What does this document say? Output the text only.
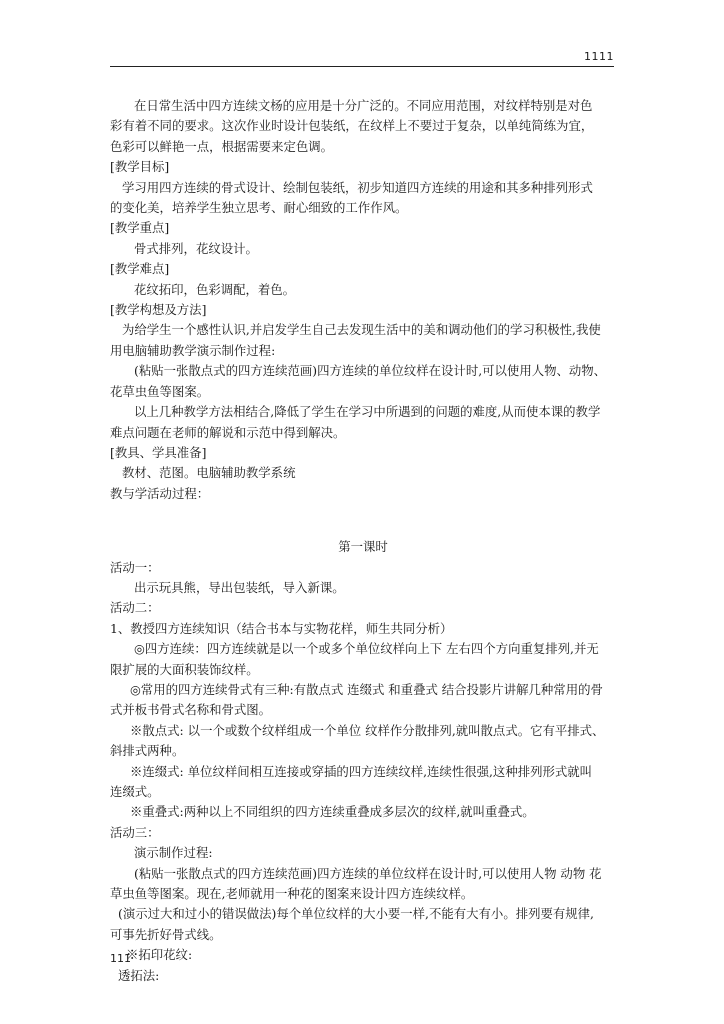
1111

在日常生活中四方连续文杨的应用是十分广泛的。不同应用范围，对纹样特别是对色

彩有着不同的要求。这次作业时设计包装纸，在纹样上不要过于复杂，以单纯简练为宜，

色彩可以鲜艳一点，根据需要来定色调。

[教学目标]

学习用四方连续的骨式设计、绘制包装纸，初步知道四方连续的用途和其多种排列形式

的变化美，培养学生独立思考、耐心细致的工作作风。

[教学重点]

骨式排列，花纹设计。

[教学难点]

花纹拓印，色彩调配，着色。

[教学构想及方法]

为给学生一个感性认识,并启发学生自己去发现生活中的美和调动他们的学习积极性,我使

用电脑辅助教学演示制作过程:

(粘贴一张散点式的四方连续范画)四方连续的单位纹样在设计时,可以使用人物、动物、

花草虫鱼等图案。

以上几种教学方法相结合,降低了学生在学习中所遇到的问题的难度,从而使本课的教学

难点问题在老师的解说和示范中得到解决。

[教具、学具准备]

教材、范图。电脑辅助教学系统

教与学活动过程：

第一课时

活动一：

出示玩具熊，导出包装纸，导入新课。

活动二：

1、教授四方连续知识（结合书本与实物花样，师生共同分析）

◎四方连续：四方连续就是以一个或多个单位纹样向上下 左右四个方向重复排列,并无

限扩展的大面积装饰纹样。

◎常用的四方连续骨式有三种:有散点式 连缀式 和重叠式 结合投影片讲解几种常用的骨

式并板书骨式名称和骨式图。

※散点式: 以一个或数个纹样组成一个单位 纹样作分散排列,就叫散点式。它有平排式、

斜排式两种。

※连缀式: 单位纹样间相互连接或穿插的四方连续纹样,连续性很强,这种排列形式就叫

连缀式。

※重叠式:两种以上不同组织的四方连续重叠成多层次的纹样,就叫重叠式。

活动三：

演示制作过程:

(粘贴一张散点式的四方连续范画)四方连续的单位纹样在设计时,可以使用人物 动物 花

草虫鱼等图案。现在,老师就用一种花的图案来设计四方连续纹样。

(演示过大和过小的错误做法)每个单位纹样的大小要一样,不能有大有小。排列要有规律,

可事先折好骨式线。

※拓印花纹:

透拓法:

111
